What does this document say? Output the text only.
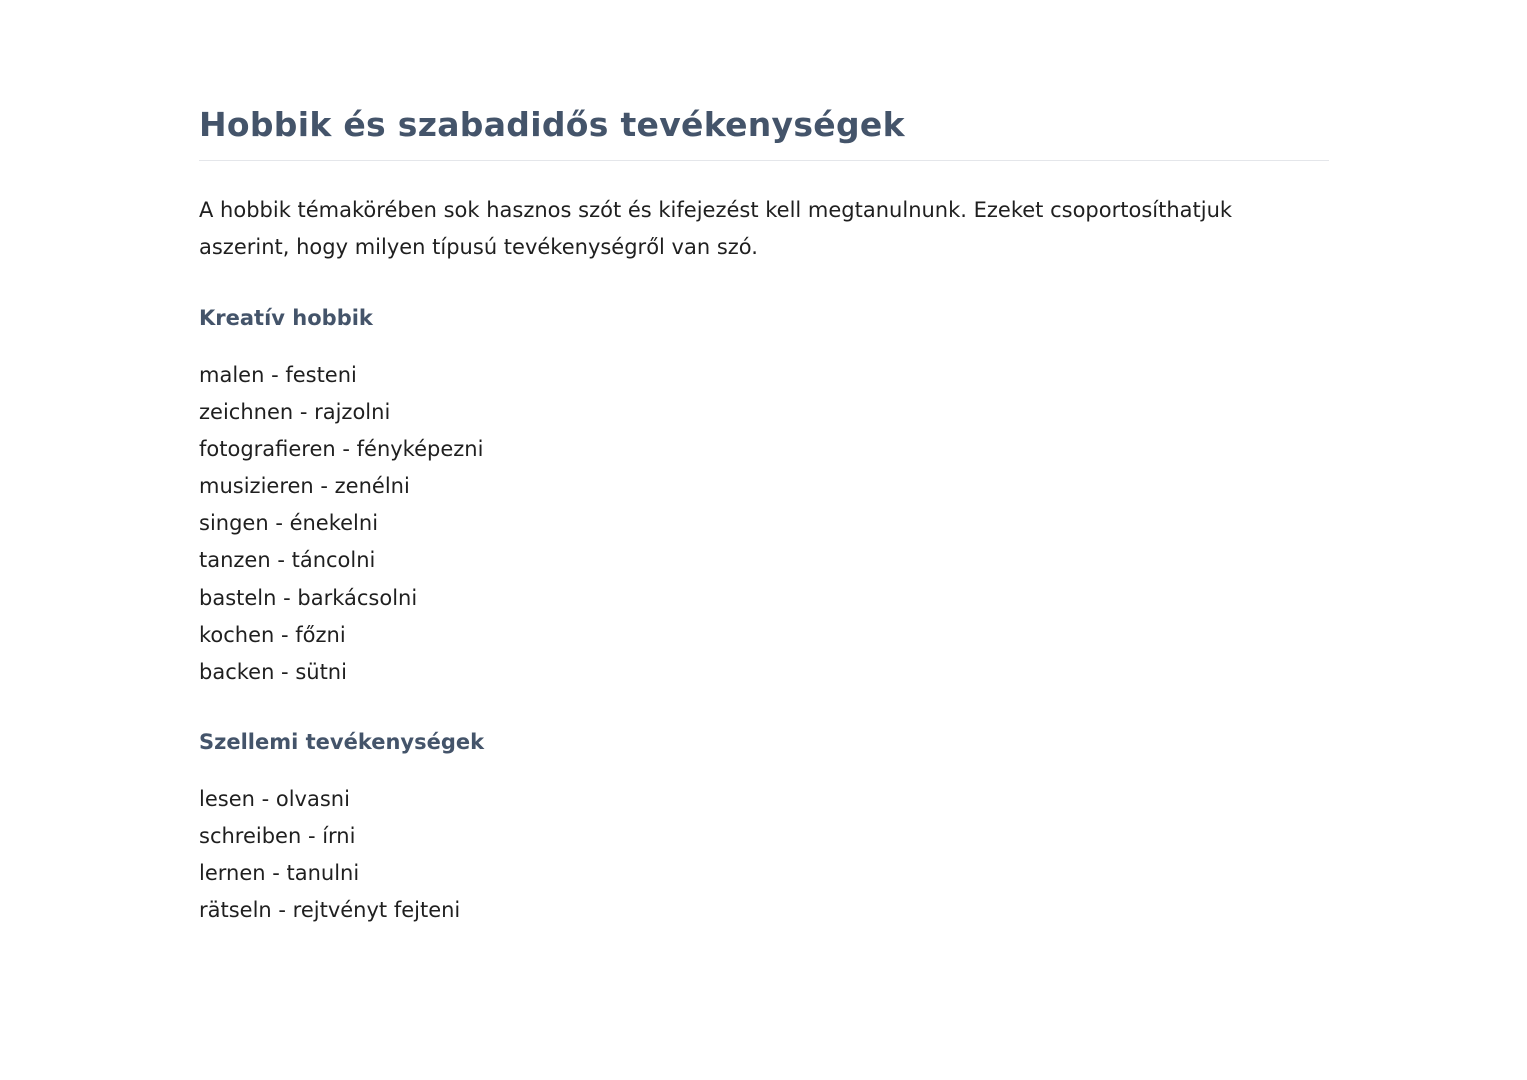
Hobbik és szabadidős tevékenységek

A hobbik témakörében sok hasznos szót és kifejezést kell megtanulnunk. Ezeket csoportosíthatjuk aszerint, hogy milyen típusú tevékenységről van szó.

Kreatív hobbik
malen - festeni
zeichnen - rajzolni
fotografieren - fényképezni
musizieren - zenélni
singen - énekelni
tanzen - táncolni
basteln - barkácsolni
kochen - főzni
backen - sütni
Szellemi tevékenységek
lesen - olvasni
schreiben - írni
lernen - tanulni
rätseln - rejtvényt fejteni
